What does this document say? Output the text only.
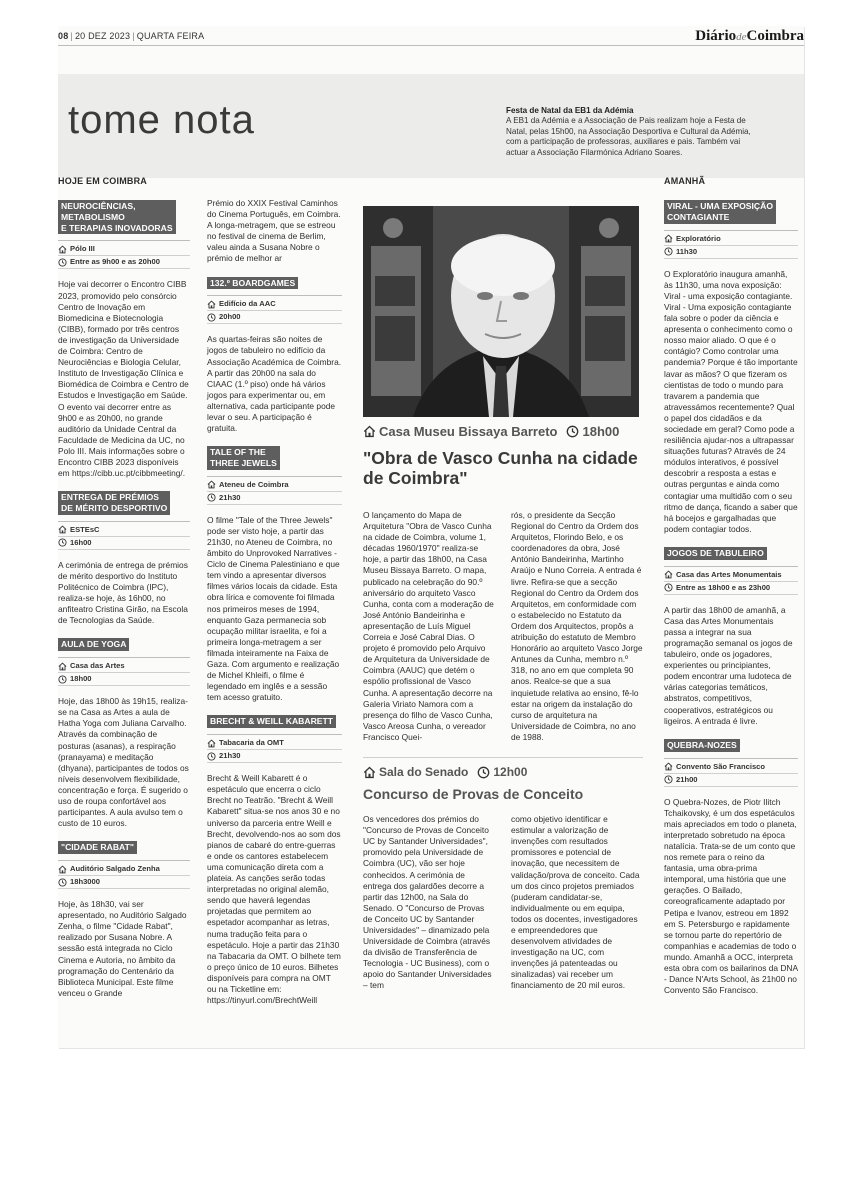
08 | 20 DEZ 2023 | QUARTA FEIRA	DiáriodeCoimbra
tome nota	Festa de Natal da EB1 da Adémia
A EB1 da Adémia e a Associação de Pais realizam hoje a Festa de Natal, pelas 15h00, na Associação Desportiva e Cultural da Adémia, com a participação de professoras, auxiliares e pais. Também vai actuar a Associação Filarmónica Adriano Soares.
HOJE EM COIMBRA
NEUROCIÊNCIAS,
METABOLISMO
E TERAPIAS INOVADORAS
Pólo III
Entre as 9h00 e as 20h00
Hoje vai decorrer o Encontro CIBB 2023, promovido pelo consórcio Centro de Inovação em Biomedicina e Biotecnologia (CIBB), formado por três centros de investigação da Universidade de Coimbra: Centro de Neurociências e Biologia Celular, Instituto de Investigação Clínica e Biomédica de Coimbra e Centro de Estudos e Investigação em Saúde. O evento vai decorrer entre as 9h00 e as 20h00, no grande auditório da Unidade Central da Faculdade de Medicina da UC, no Polo III. Mais informações sobre o Encontro CIBB 2023 disponíveis em https://cibb.uc.pt/cibbmeeting/.
ENTREGA DE PRÉMIOS
DE MÉRITO DESPORTIVO
ESTEsC
16h00
A cerimónia de entrega de prémios de mérito desportivo do Instituto Politécnico de Coimbra (IPC), realiza-se hoje, às 16h00, no anfiteatro Cristina Girão, na Escola de Tecnologias da Saúde.
AULA DE YOGA
Casa das Artes
18h00
Hoje, das 18h00 às 19h15, realiza-se na Casa as Artes a aula de Hatha Yoga com Juliana Carvalho. Através da combinação de posturas (asanas), a respiração (pranayama) e meditação (dhyana), participantes de todos os níveis desenvolvem flexibilidade, concentração e força. É sugerido o uso de roupa confortável aos participantes. A aula avulso tem o custo de 10 euros.
"CIDADE RABAT"
Auditório Salgado Zenha
18h3000
Hoje, às 18h30, vai ser apresentado, no Auditório Salgado Zenha, o filme "Cidade Rabat", realizado por Susana Nobre. A sessão está integrada no Ciclo Cinema e Autoria, no âmbito da programação do Centenário da Biblioteca Municipal. Este filme venceu o Grande
Prémio do XXIX Festival Caminhos do Cinema Português, em Coimbra. A longa-metragem, que se estreou no festival de cinema de Berlim, valeu ainda a Susana Nobre o prémio de melhor ar
132.º BOARDGAMES
Edifício da AAC
20h00
As quartas-feiras são noites de jogos de tabuleiro no edifício da Associação Académica de Coimbra. A partir das 20h00 na sala do CIAAC (1.º piso) onde há vários jogos para experimentar ou, em alternativa, cada participante pode levar o seu. A participação é gratuita.
TALE OF THE
THREE JEWELS
Ateneu de Coimbra
21h30
O filme "Tale of the Three Jewels" pode ser visto hoje, a partir das 21h30, no Ateneu de Coimbra, no âmbito do Unprovoked Narratives - Ciclo de Cinema Palestiniano e que tem vindo a apresentar diversos filmes vários locais da cidade. Esta obra lírica e comovente foi filmada nos primeiros meses de 1994, enquanto Gaza permanecia sob ocupação militar israelita, e foi a primeira longa-metragem a ser filmada inteiramente na Faixa de Gaza. Com argumento e realização de Michel Khleifi, o filme é legendado em inglês e a sessão tem acesso gratuito.
BRECHT & WEILL KABARETT
Tabacaria da OMT
21h30
Brecht & Weill Kabarett é o espetáculo que encerra o ciclo Brecht no Teatrão. "Brecht & Weill Kabarett" situa-se nos anos 30 e no universo da parceria entre Weill e Brecht, devolvendo-nos ao som dos pianos de cabaré do entre-guerras e onde os cantores estabelecem uma comunicação direta com a plateia. As canções serão todas interpretadas no original alemão, sendo que haverá legendas projetadas que permitem ao espetador acompanhar as letras, numa tradução feita para o espetáculo. Hoje a partir das 21h30 na Tabacaria da OMT. O bilhete tem o preço único de 10 euros. Bilhetes disponíveis para compra na OMT ou na Ticketline em: https://tinyurl.com/BrechtWeill
Casa Museu Bissaya Barreto 18h00
"Obra de Vasco Cunha na cidade de Coimbra"
O lançamento do Mapa de Arquitetura "Obra de Vasco Cunha na cidade de Coimbra, volume 1, décadas 1960/1970" realiza-se hoje, a partir das 18h00, na Casa Museu Bissaya Barreto. O mapa, publicado na celebração do 90.º aniversário do arquiteto Vasco Cunha, conta com a moderação de José António Bandeirinha e apresentação de Luís Miguel Correia e José Cabral Dias. O projeto é promovido pelo Arquivo de Arquitetura da Universidade de Coimbra (AAUC) que detém o espólio profissional de Vasco Cunha. A apresentação decorre na Galeria Viriato Namora com a presença do filho de Vasco Cunha, Vasco Areosa Cunha, o vereador Francisco Quei-
rós, o presidente da Secção Regional do Centro da Ordem dos Arquitetos, Florindo Belo, e os coordenadores da obra, José António Bandeirinha, Martinho Araújo e Nuno Correia. A entrada é livre. Refira-se que a secção Regional do Centro da Ordem dos Arquitetos, em conformidade com o estabelecido no Estatuto da Ordem dos Arquitectos, propôs a atribuição do estatuto de Membro Honorário ao arquiteto Vasco Jorge Antunes da Cunha, membro n.º 318, no ano em que completa 90 anos. Realce-se que a sua inquietude relativa ao ensino, fê-lo estar na origem da instalação do curso de arquitetura na Universidade de Coimbra, no ano de 1988.
Sala do Senado 12h00
Concurso de Provas de Conceito
Os vencedores dos prémios do "Concurso de Provas de Conceito UC by Santander Universidades", promovido pela Universidade de Coimbra (UC), vão ser hoje conhecidos. A cerimónia de entrega dos galardões decorre a partir das 12h00, na Sala do Senado. O "Concurso de Provas de Conceito UC by Santander Universidades" – dinamizado pela Universidade de Coimbra (através da divisão de Transferência de Tecnologia - UC Business), com o apoio do Santander Universidades – tem
como objetivo identificar e estimular a valorização de invenções com resultados promissores e potencial de inovação, que necessitem de validação/prova de conceito. Cada um dos cinco projetos premiados (puderam candidatar-se, individualmente ou em equipa, todos os docentes, investigadores e empreendedores que desenvolvem atividades de investigação na UC, com invenções já patenteadas ou sinalizadas) vai receber um financiamento de 20 mil euros.
AMANHÃ
VIRAL - UMA EXPOSIÇÃO
CONTAGIANTE
Exploratório
11h30
O Exploratório inaugura amanhã, às 11h30, uma nova exposição: Viral - uma exposição contagiante. Viral - Uma exposição contagiante fala sobre o poder da ciência e apresenta o conhecimento como o nosso maior aliado. O que é o contágio? Como controlar uma pandemia? Porque é tão importante lavar as mãos? O que fizeram os cientistas de todo o mundo para travarem a pandemia que atravessámos recentemente? Qual o papel dos cidadãos e da sociedade em geral? Como pode a resiliência ajudar-nos a ultrapassar situações futuras? Através de 24 módulos interativos, é possível descobrir a resposta a estas e outras perguntas e ainda como contagiar uma multidão com o seu ritmo de dança, ficando a saber que há bocejos e gargalhadas que podem contagiar todos.
JOGOS DE TABULEIRO
Casa das Artes Monumentais
Entre as 18h00 e as 23h00
A partir das 18h00 de amanhã, a Casa das Artes Monumentais passa a integrar na sua programação semanal os jogos de tabuleiro, onde os jogadores, experientes ou principiantes, podem encontrar uma ludoteca de várias categorias temáticos, abstratos, competitivos, cooperativos, estratégicos ou ligeiros. A entrada é livre.
QUEBRA-NOZES
Convento São Francisco
21h00
O Quebra-Nozes, de Piotr Ilitch Tchaikovsky, é um dos espetáculos mais apreciados em todo o planeta, interpretado sobretudo na época natalícia. Trata-se de um conto que nos remete para o reino da fantasia, uma obra-prima intemporal, uma história que une gerações. O Bailado, coreograficamente adaptado por Petipa e Ivanov, estreou em 1892 em S. Petersburgo e rapidamente se tornou parte do repertório de companhias e academias de todo o mundo. Amanhã a OCC, interpreta esta obra com os bailarinos da DNA - Dance N'Arts School, às 21h00 no Convento São Francisco.
